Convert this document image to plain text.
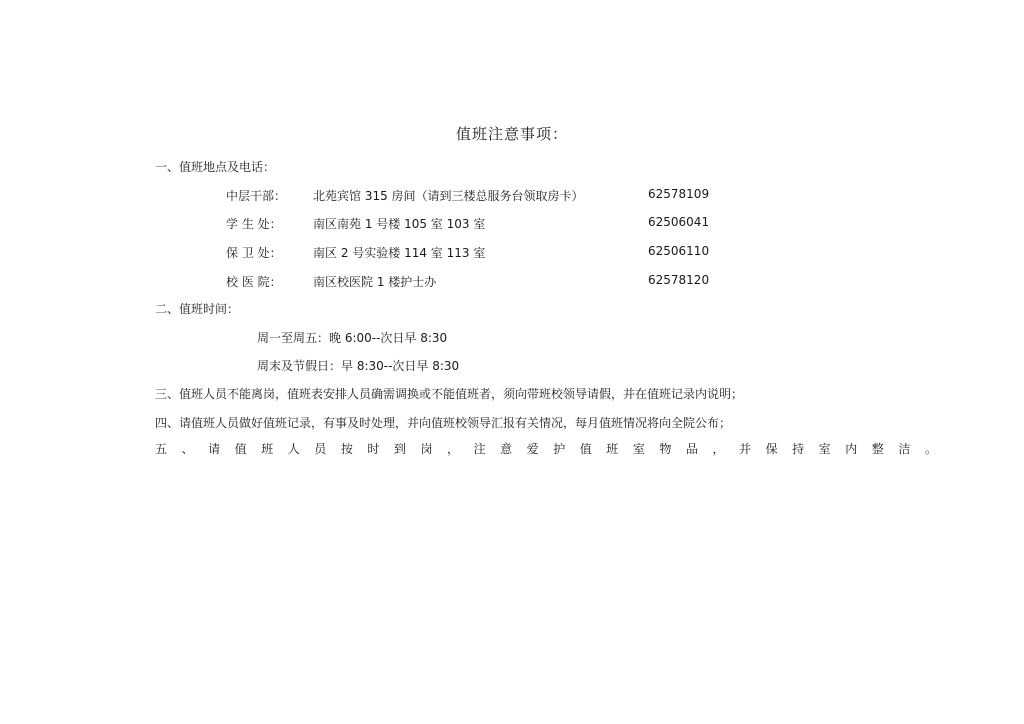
值班注意事项：
一、值班地点及电话：
中层干部： 北苑宾馆 315 房间（请到三楼总服务台领取房卡）	62578109
学 生 处：	南区南苑 1 号楼 105 室 103 室	62506041
保 卫 处：	南区 2 号实验楼 114 室 113 室	62506110
校 医 院：	南区校医院 1 楼护士办	62578120
二、值班时间：
周一至周五：晚 6:00--次日早 8:30
周末及节假日：早 8:30--次日早 8:30
三、值班人员不能离岗，值班表安排人员确需调换或不能值班者，须向带班校领导请假，并在值班记录内说明；
四、请值班人员做好值班记录，有事及时处理，并向值班校领导汇报有关情况，每月值班情况将向全院公布；
五 、 请 值 班 人 员 按 时 到 岗 ， 注 意 爱 护 值 班 室 物 品 ， 并 保 持 室 内 整 洁 。
